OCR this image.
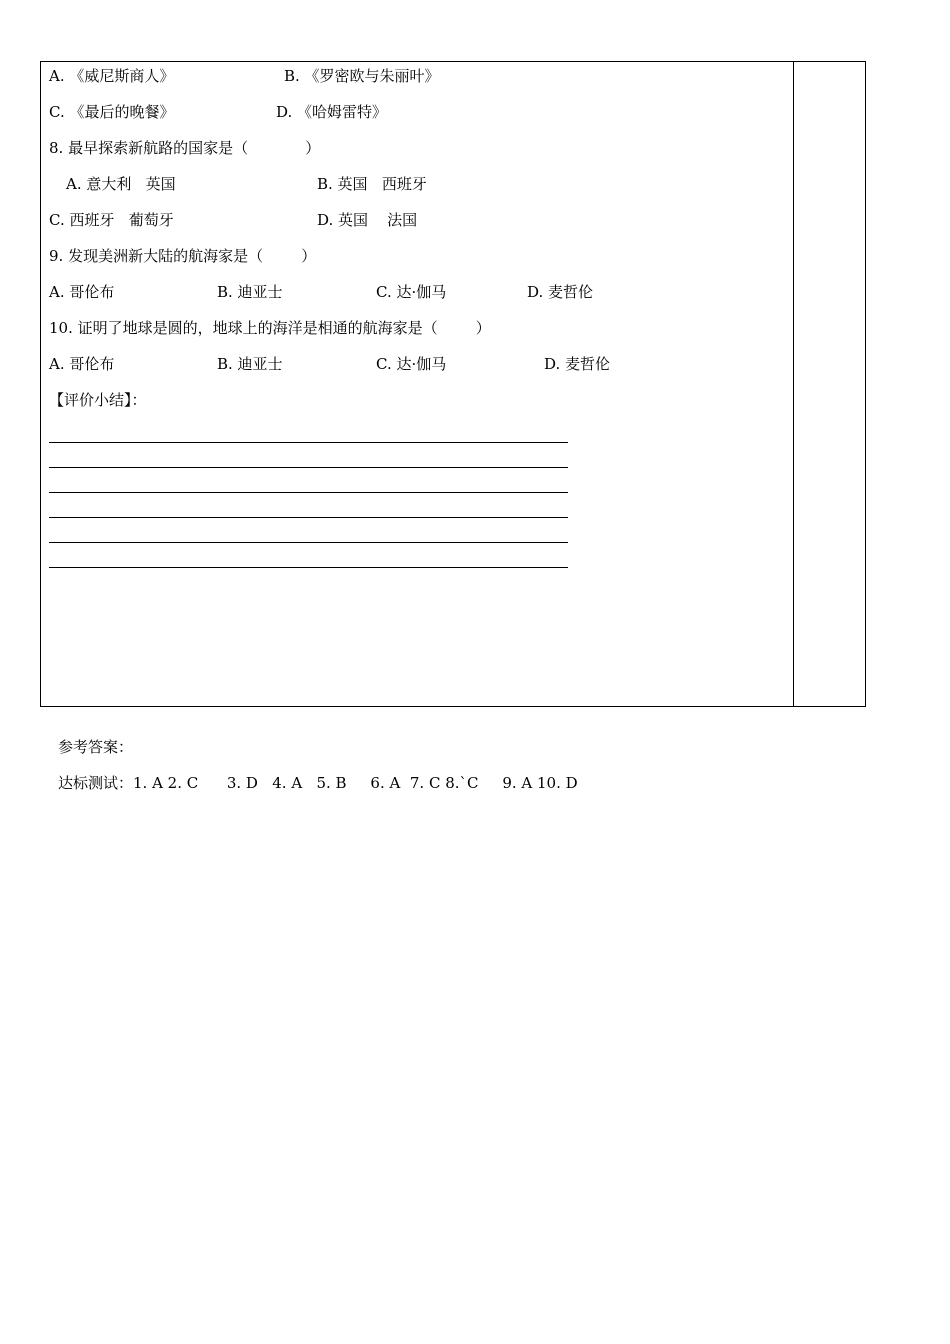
A. 《威尼斯商人》

	B. 《罗密欧与朱丽叶》

C. 《最后的晚餐》

	D. 《哈姆雷特》

8. 最早探索新航路的国家是（            ）

A. 意大利   英国

	B. 英国   西班牙

C. 西班牙   葡萄牙

	D. 英国    法国

9. 发现美洲新大陆的航海家是（        ）

A. 哥伦布

	B. 迪亚士

	C. 达·伽马

	D. 麦哲伦

10. 证明了地球是圆的，地球上的海洋是相通的航海家是（        ）

A. 哥伦布

	B. 迪亚士

	C. 达·伽马

	D. 麦哲伦

【评价小结】：
参考答案：
达标测试：1. A 2. C      3. D   4. A   5. B     6. A  7. C 8.`C     9. A 10. D
